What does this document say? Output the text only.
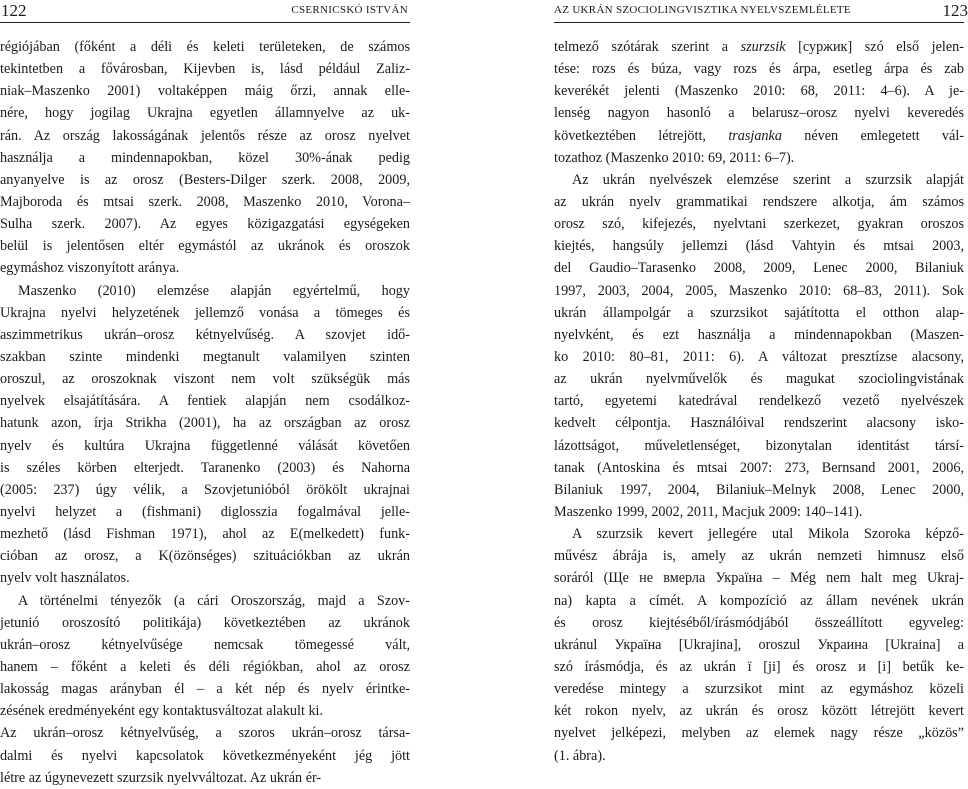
122	CSERNICSKÓ ISTVÁN
régiójában (főként a déli és keleti területeken, de számos
tekintetben a fővárosban, Kijevben is, lásd például Zaliz-
niak–Maszenko 2001) voltaképpen máig őrzi, annak elle-
nére, hogy jogilag Ukrajna egyetlen államnyelve az uk-
rán. Az ország lakosságának jelentős része az orosz nyelvet
használja a mindennapokban, közel 30%-ának pedig
anyanyelve is az orosz (Besters-Dilger szerk. 2008, 2009,
Majboroda és mtsai szerk. 2008, Maszenko 2010, Vorona–
Sulha szerk. 2007). Az egyes közigazgatási egységeken
belül is jelentősen eltér egymástól az ukránok és oroszok
egymáshoz viszonyított aránya.
Maszenko (2010) elemzése alapján egyértelmű, hogy
Ukrajna nyelvi helyzetének jellemző vonása a tömeges és
aszimmetrikus ukrán–orosz kétnyelvűség. A szovjet idő-
szakban szinte mindenki megtanult valamilyen szinten
oroszul, az oroszoknak viszont nem volt szükségük más
nyelvek elsajátítására. A fentiek alapján nem csodálkoz-
hatunk azon, írja Strikha (2001), ha az országban az orosz
nyelv és kultúra Ukrajna függetlenné válását követően
is széles körben elterjedt. Taranenko (2003) és Nahorna
(2005: 237) úgy vélik, a Szovjetunióból örökölt ukrajnai
nyelvi helyzet a (fishmani) diglosszia fogalmával jelle-
mezhető (lásd Fishman 1971), ahol az E(melkedett) funk-
cióban az orosz, a K(özönséges) szituációkban az ukrán
nyelv volt használatos.
A történelmi tényezők (a cári Oroszország, majd a Szov-
jetunió oroszosító politikája) következtében az ukránok
ukrán–orosz kétnyelvűsége nemcsak tömegessé vált,
hanem – főként a keleti és déli régiókban, ahol az orosz
lakosság magas arányban él – a két nép és nyelv érintke-
zésének eredményeként egy kontaktusváltozat alakult ki.
Az ukrán–orosz kétnyelvűség, a szoros ukrán–orosz társa-
dalmi és nyelvi kapcsolatok következményeként jég jött
létre az úgynevezett szurzsik nyelvváltozat. Az ukrán ér-
AZ UKRÁN SZOCIOLINGVISZTIKA NYELVSZEMLÉLETE	123
telmező szótárak szerint a szurzsik [суржик] szó első jelen-
tése: rozs és búza, vagy rozs és árpa, esetleg árpa és zab
keverékét jelenti (Maszenko 2010: 68, 2011: 4–6). A je-
lenség nagyon hasonló a belarusz–orosz nyelvi keveredés
következtében létrejött, trasjanka néven emlegetett vál-
tozathoz (Maszenko 2010: 69, 2011: 6–7).
Az ukrán nyelvészek elemzése szerint a szurzsik alapját
az ukrán nyelv grammatikai rendszere alkotja, ám számos
orosz szó, kifejezés, nyelvtani szerkezet, gyakran oroszos
kiejtés, hangsúly jellemzi (lásd Vahtyin és mtsai 2003,
del Gaudio–Tarasenko 2008, 2009, Lenec 2000, Bilaniuk
1997, 2003, 2004, 2005, Maszenko 2010: 68–83, 2011). Sok
ukrán állampolgár a szurzsikot sajátította el otthon alap-
nyelvként, és ezt használja a mindennapokban (Maszen-
ko 2010: 80–81, 2011: 6). A változat presztízse alacsony,
az ukrán nyelvművelők és magukat szociolingvistának
tartó, egyetemi katedrával rendelkező vezető nyelvészek
kedvelt célpontja. Használóival rendszerint alacsony isko-
lázottságot, műveletlenséget, bizonytalan identitást társí-
tanak (Antoskina és mtsai 2007: 273, Bernsand 2001, 2006,
Bilaniuk 1997, 2004, Bilaniuk–Melnyk 2008, Lenec 2000,
Maszenko 1999, 2002, 2011, Macjuk 2009: 140–141).
A szurzsik kevert jellegére utal Mikola Szoroka képző-
művész ábrája is, amely az ukrán nemzeti himnusz első
soráról (Ще не вмерла Україна – Még nem halt meg Ukraj-
na) kapta a címét. A kompozíció az állam nevének ukrán
és orosz kiejtéséből/írásmódjából összeállított egyveleg:
ukránul Україна [Ukrajina], oroszul Украина [Ukraina] a
szó írásmódja, és az ukrán ї [ji] és orosz и [i] betűk ke-
veredése mintegy a szurzsikot mint az egymáshoz közeli
két rokon nyelv, az ukrán és orosz között létrejött kevert
nyelvet jelképezi, melyben az elemek nagy része „közös”
(1. ábra).
